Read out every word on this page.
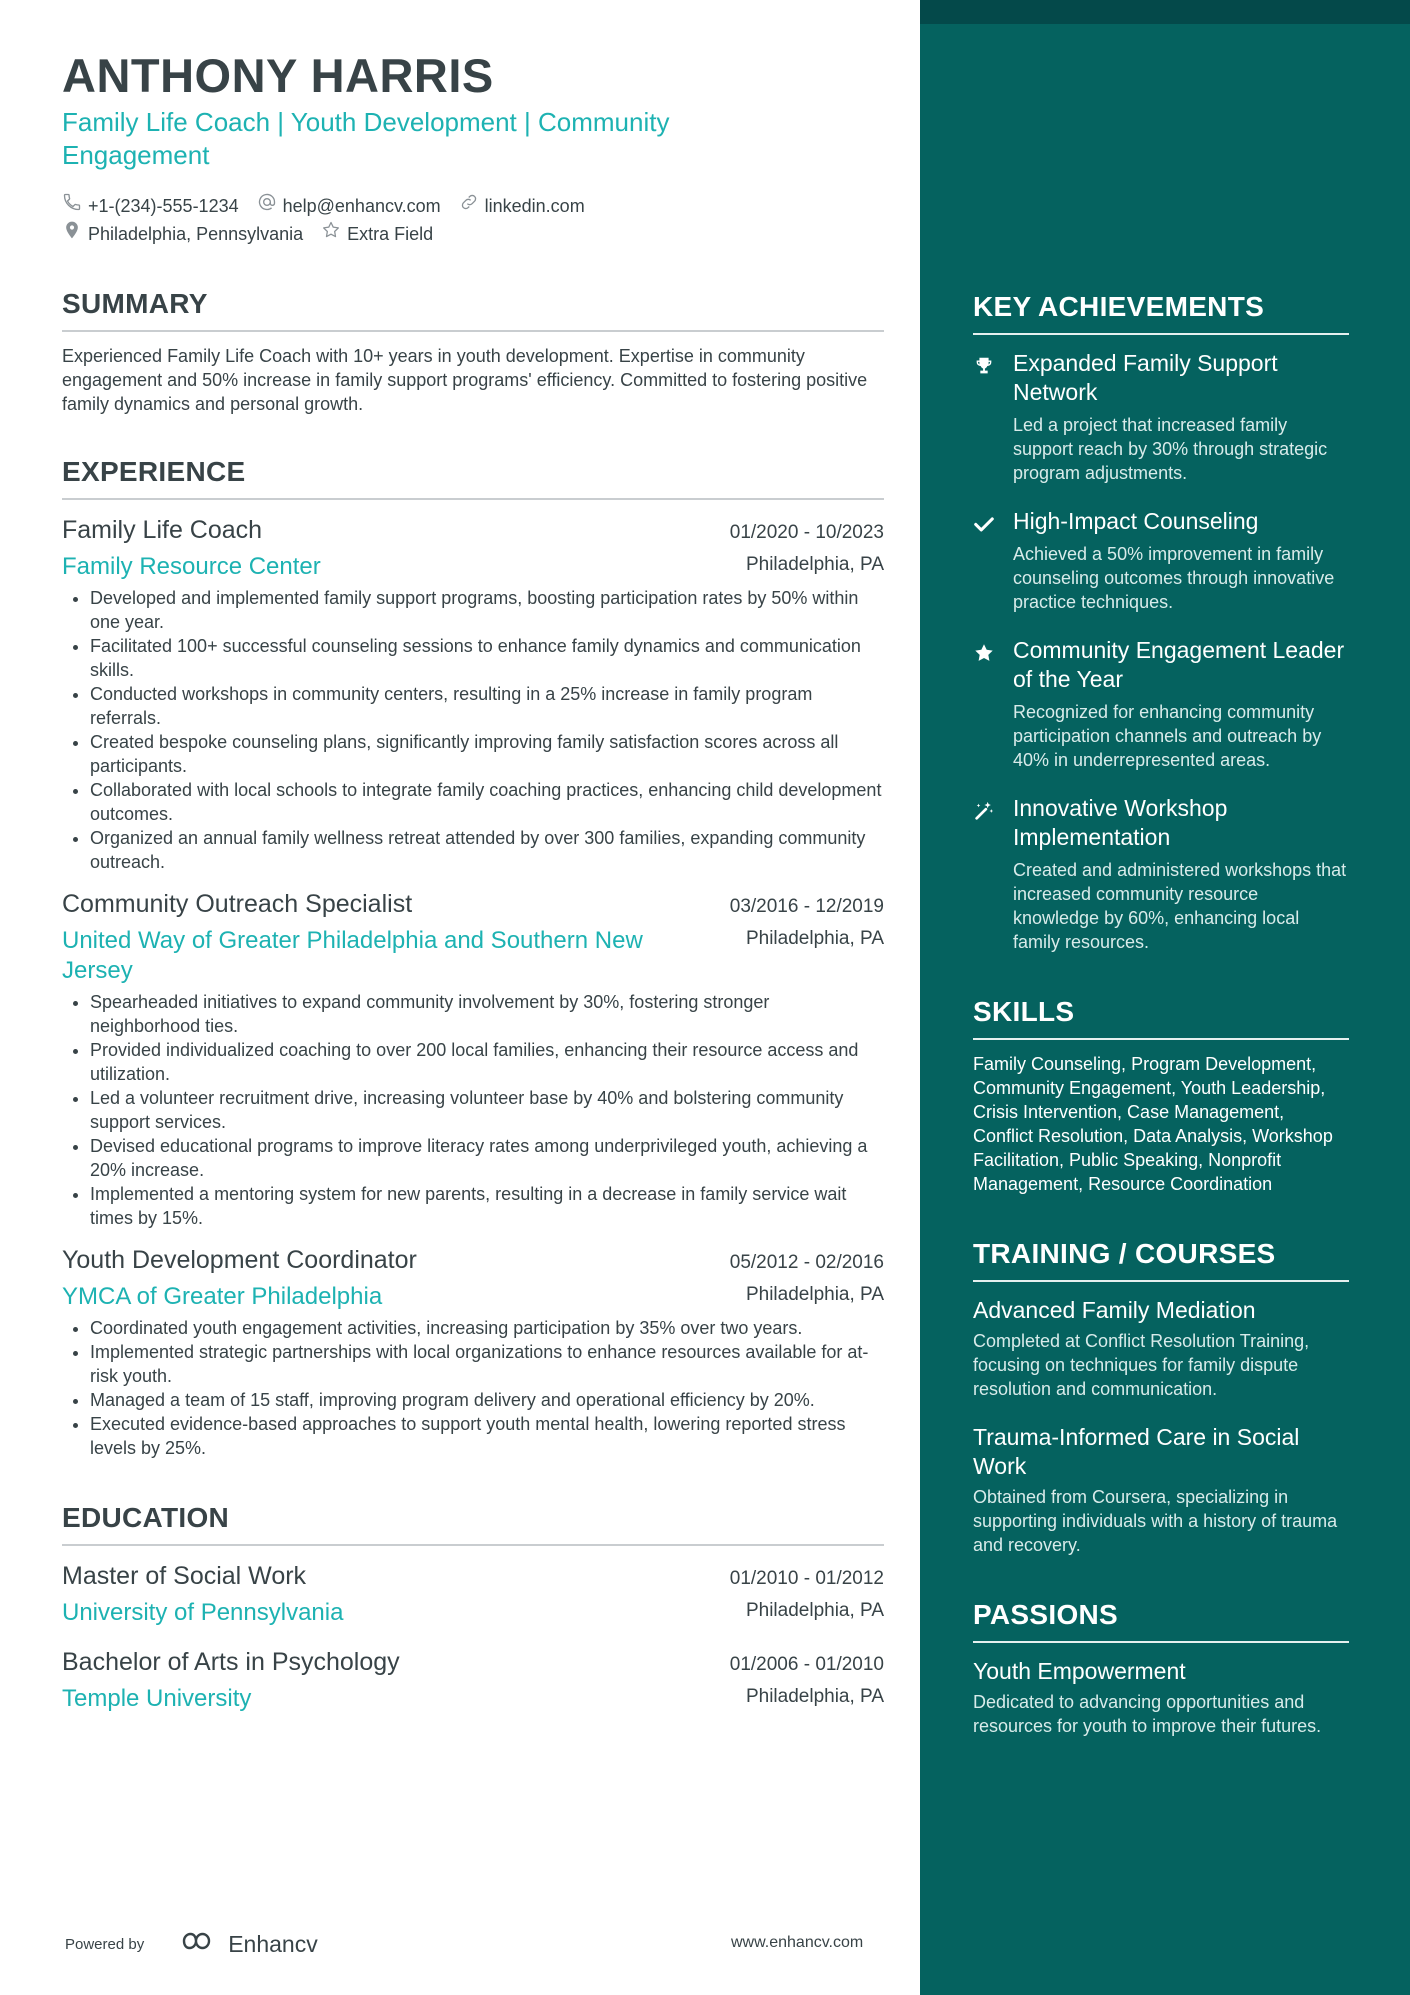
ANTHONY HARRIS
Family Life Coach | Youth Development | Community Engagement
+1-(234)-555-1234 help@enhancv.com linkedin.com
Philadelphia, Pennsylvania Extra Field
SUMMARY
Experienced Family Life Coach with 10+ years in youth development. Expertise in community engagement and 50% increase in family support programs' efficiency. Committed to fostering positive family dynamics and personal growth.
EXPERIENCE
Family Life Coach	01/2020 - 10/2023
Family Resource Center	Philadelphia, PA
• Developed and implemented family support programs, boosting participation rates by 50% within one year.
• Facilitated 100+ successful counseling sessions to enhance family dynamics and communication skills.
• Conducted workshops in community centers, resulting in a 25% increase in family program referrals.
• Created bespoke counseling plans, significantly improving family satisfaction scores across all participants.
• Collaborated with local schools to integrate family coaching practices, enhancing child development outcomes.
• Organized an annual family wellness retreat attended by over 300 families, expanding community outreach.
Community Outreach Specialist	03/2016 - 12/2019
United Way of Greater Philadelphia and Southern New Jersey
Philadelphia, PA
• Spearheaded initiatives to expand community involvement by 30%, fostering stronger neighborhood ties.
• Provided individualized coaching to over 200 local families, enhancing their resource access and utilization.
• Led a volunteer recruitment drive, increasing volunteer base by 40% and bolstering community support services.
• Devised educational programs to improve literacy rates among underprivileged youth, achieving a 20% increase.
• Implemented a mentoring system for new parents, resulting in a decrease in family service wait times by 15%.
Youth Development Coordinator	05/2012 - 02/2016
YMCA of Greater Philadelphia	Philadelphia, PA
• Coordinated youth engagement activities, increasing participation by 35% over two years.
• Implemented strategic partnerships with local organizations to enhance resources available for at-risk youth.
• Managed a team of 15 staff, improving program delivery and operational efficiency by 20%.
• Executed evidence-based approaches to support youth mental health, lowering reported stress levels by 25%.
EDUCATION
Master of Social Work	01/2010 - 01/2012
University of Pennsylvania	Philadelphia, PA
Bachelor of Arts in Psychology	01/2006 - 01/2010
Temple University	Philadelphia, PA
Powered by	Enhancv	www.enhancv.com
KEY ACHIEVEMENTS
Expanded Family Support Network
Led a project that increased family support reach by 30% through strategic program adjustments.
High-Impact Counseling
Achieved a 50% improvement in family counseling outcomes through innovative practice techniques.
Community Engagement Leader of the Year
Recognized for enhancing community participation channels and outreach by 40% in underrepresented areas.
Innovative Workshop Implementation
Created and administered workshops that increased community resource knowledge by 60%, enhancing local family resources.
SKILLS
Family Counseling, Program Development, Community Engagement, Youth Leadership, Crisis Intervention, Case Management, Conflict Resolution, Data Analysis, Workshop Facilitation, Public Speaking, Nonprofit Management, Resource Coordination
TRAINING / COURSES
Advanced Family Mediation
Completed at Conflict Resolution Training, focusing on techniques for family dispute resolution and communication.
Trauma-Informed Care in Social Work
Obtained from Coursera, specializing in supporting individuals with a history of trauma and recovery.
PASSIONS
Youth Empowerment
Dedicated to advancing opportunities and resources for youth to improve their futures.
